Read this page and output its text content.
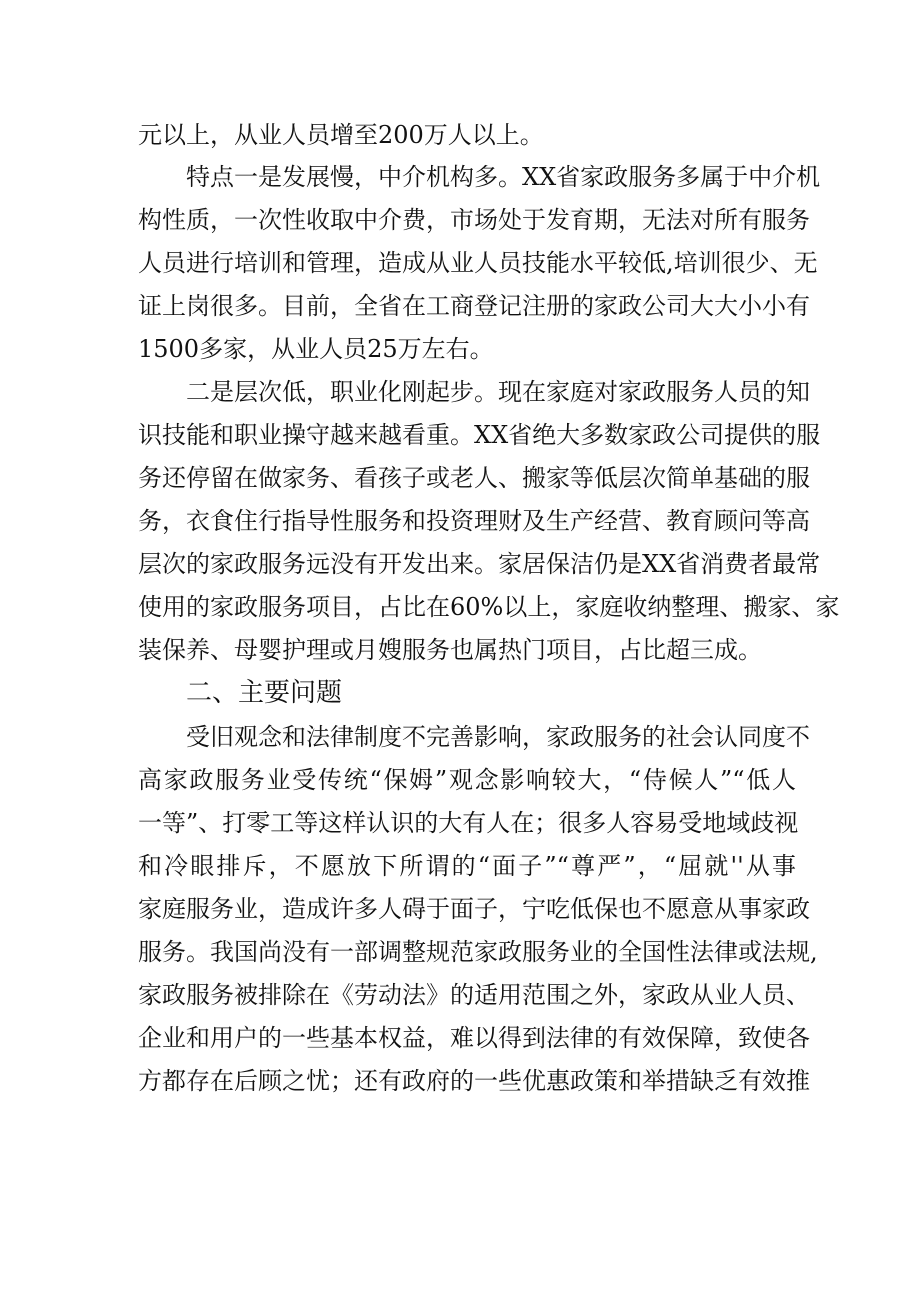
元以上，从业人员增至200万人以上。
特点一是发展慢，中介机构多。XX省家政服务多属于中介机
构性质，一次性收取中介费，市场处于发育期，无法对所有服务
人员进行培训和管理，造成从业人员技能水平较低,培训很少、无
证上岗很多。目前，全省在工商登记注册的家政公司大大小小有
1500多家，从业人员25万左右。
二是层次低，职业化刚起步。现在家庭对家政服务人员的知
识技能和职业操守越来越看重。XX省绝大多数家政公司提供的服
务还停留在做家务、看孩子或老人、搬家等低层次简单基础的服
务，衣食住行指导性服务和投资理财及生产经营、教育顾问等高
层次的家政服务远没有开发出来。家居保洁仍是XX省消费者最常
使用的家政服务项目，占比在60%以上，家庭收纳整理、搬家、家
装保养、母婴护理或月嫂服务也属热门项目，占比超三成。
二、主要问题
受旧观念和法律制度不完善影响，家政服务的社会认同度不
高家政服务业受传统“保姆”观念影响较大，“侍候人”“低人
一等”、打零工等这样认识的大有人在；很多人容易受地域歧视
和冷眼排斥，不愿放下所谓的“面子”“尊严”，“屈就''从事
家庭服务业，造成许多人碍于面子，宁吃低保也不愿意从事家政
服务。我国尚没有一部调整规范家政服务业的全国性法律或法规,
家政服务被排除在《劳动法》的适用范围之外，家政从业人员、
企业和用户的一些基本权益，难以得到法律的有效保障，致使各
方都存在后顾之忧；还有政府的一些优惠政策和举措缺乏有效推
